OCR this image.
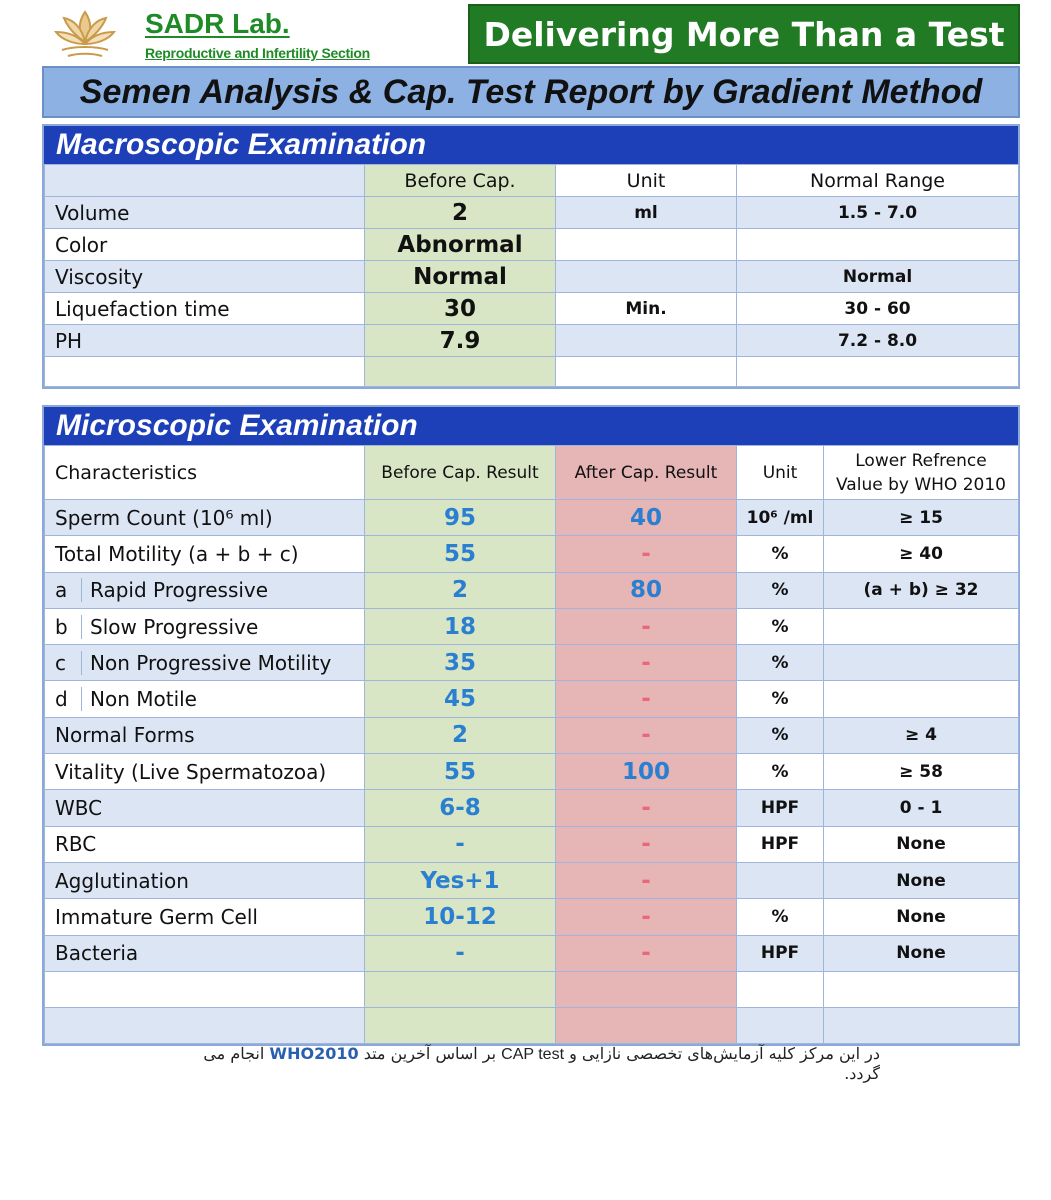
SADR Lab.
Reproductive and Infertility Section	Delivering More Than a Test
Semen Analysis & Cap. Test Report by Gradient Method
Macroscopic Examination
	Before Cap.	Unit	Normal Range
Volume	2	ml	1.5 - 7.0
Color	Abnormal		
Viscosity	Normal		Normal
Liquefaction time	30	Min.	30 - 60
PH	7.9		7.2 - 8.0

Microscopic Examination
Characteristics	Before Cap. Result	After Cap. Result	Unit	Lower Refrence
Value by WHO 2010

Sperm Count (10⁶ ml)	95	40	10⁶ /ml	≥ 15
Total Motility (a + b + c)	55	-	%	≥ 40
a Rapid Progressive	2	80	%	(a + b) ≥ 32
b Slow Progressive	18	-	%	
c Non Progressive Motility	35	-	%	
d Non Motile	45	-	%	
Normal Forms	2	-	%	≥ 4
Vitality (Live Spermatozoa)	55	100	%	≥ 58
WBC	6-8	-	HPF	0 - 1
RBC	-	-	HPF	None
Agglutination	Yes+1	-		None
Immature Germ Cell	10-12	-	%	None
Bacteria	-	-	HPF	None

در این مرکز کلیه آزمایش‌های تخصصی نازایی و CAP test بر اساس آخرین متد WHO2010 انجام می گردد.
